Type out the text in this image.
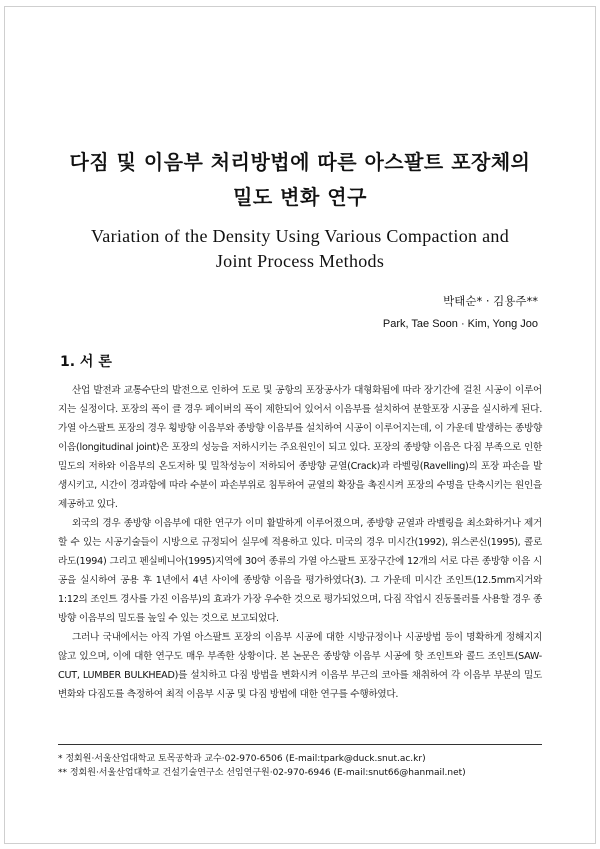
다짐 및 이음부 처리방법에 따른 아스팔트 포장체의
밀도 변화 연구
Variation of the Density Using Various Compaction and
Joint Process Methods
박태순* · 김용주**
Park, Tae Soon · Kim, Yong Joo
1. 서 론

산업 발전과 교통수단의 발전으로 인하여 도로 및 공항의 포장공사가 대형화됨에 따라 장기간에 걸친 시공이 이루어지는 실정이다. 포장의 폭이 클 경우 페이버의 폭이 제한되어 있어서 이음부를 설치하여 분할포장 시공을 실시하게 된다. 가열 아스팔트 포장의 경우 횡방향 이음부와 종방향 이음부를 설치하여 시공이 이루어지는데, 이 가운데 발생하는 종방향 이음(longitudinal joint)은 포장의 성능을 저하시키는 주요원인이 되고 있다. 포장의 종방향 이음은 다짐 부족으로 인한 밀도의 저하와 이음부의 온도저하 및 밀착성능이 저하되어 종방향 균열(Crack)과 라벨링(Ravelling)의 포장 파손을 발생시키고, 시간이 경과함에 따라 수분이 파손부위로 침투하여 균열의 확장을 촉진시켜 포장의 수명을 단축시키는 원인을 제공하고 있다.

외국의 경우 종방향 이음부에 대한 연구가 이미 활발하게 이루어졌으며, 종방향 균열과 라벨링을 최소화하거나 제거할 수 있는 시공기술들이 시방으로 규정되어 실무에 적용하고 있다. 미국의 경우 미시간(1992), 위스콘신(1995), 콜로라도(1994) 그리고 펜실베니아(1995)지역에 30여 종류의 가열 아스팔트 포장구간에 12개의 서로 다른 종방향 이음 시공을 실시하여 공용 후 1년에서 4년 사이에 종방향 이음을 평가하였다(3). 그 가운데 미시간 조인트(12.5mm지거와 1:12의 조인트 경사를 가진 이음부)의 효과가 가장 우수한 것으로 평가되었으며, 다짐 작업시 진동롤러를 사용할 경우 종방향 이음부의 밀도를 높일 수 있는 것으로 보고되었다.

그러나 국내에서는 아직 가열 아스팔트 포장의 이음부 시공에 대한 시방규정이나 시공방법 등이 명확하게 정해지지 않고 있으며, 이에 대한 연구도 매우 부족한 상황이다. 본 논문은 종방향 이음부 시공에 핫 조인트와 콜드 조인트(SAW-CUT, LUMBER BULKHEAD)를 설치하고 다짐 방법을 변화시켜 이음부 부근의 코아를 채취하여 각 이음부 부분의 밀도 변화와 다짐도를 측정하여 최적 이음부 시공 및 다짐 방법에 대한 연구를 수행하였다.

* 정회원·서울산업대학교 토목공학과 교수·02-970-6506 (E-mail:tpark@duck.snut.ac.kr)
** 정회원·서울산업대학교 건설기술연구소 선임연구원·02-970-6946 (E-mail:snut66@hanmail.net)
